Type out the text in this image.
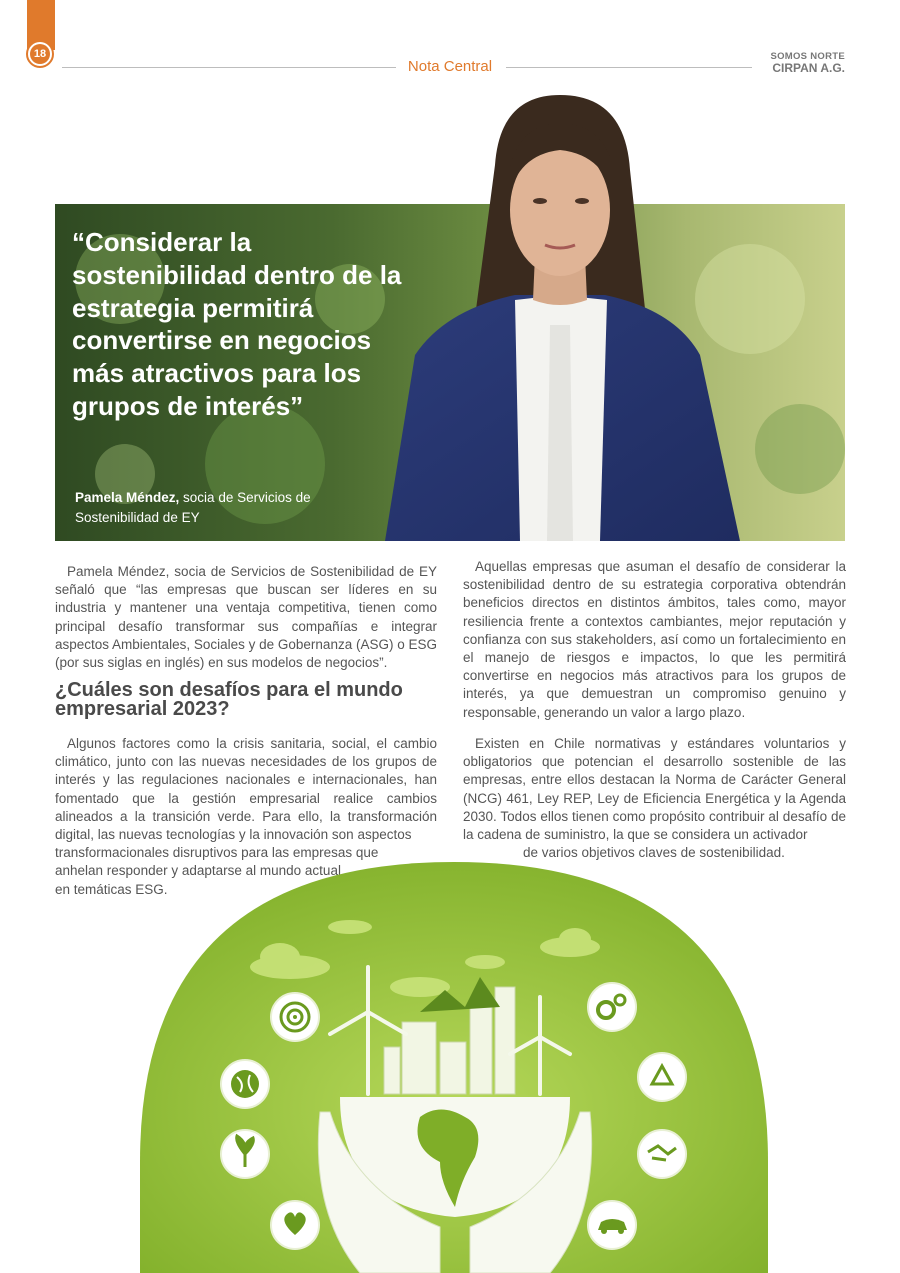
18
Nota Central
SOMOS NORTE
CIRPAN A.G.
“Considerar la sostenibilidad dentro de la estrategia permitirá convertirse en negocios más atractivos para los grupos de interés”
Pamela Méndez, socia de Servicios de Sostenibilidad de EY

Pamela Méndez, socia de Servicios de Sostenibilidad de EY señaló que “las empresas que buscan ser líderes en su industria y mantener una ventaja competitiva, tienen como principal desafío transformar sus compañías e integrar aspectos Ambientales, Sociales y de Gobernanza (ASG) o ESG (por sus siglas en inglés) en sus modelos de negocios”.

¿Cuáles son desafíos para el mundo empresarial 2023?

Algunos factores como la crisis sanitaria, social, el cambio climático, junto con las nuevas necesidades de los grupos de interés y las regulaciones nacionales e internacionales, han fomentado que la gestión empresarial realice cambios alineados a la transición verde. Para ello, la transformación digital, las nuevas tecnologías y la innovación son aspectos

transformacionales disruptivos para las empresas que
anhelan responder y adaptarse al mundo actual
en temáticas ESG.

Aquellas empresas que asuman el desafío de considerar la sostenibilidad dentro de su estrategia corporativa obtendrán beneficios directos en distintos ámbitos, tales como, mayor resiliencia frente a contextos cambiantes, mejor reputación y confianza con sus stakeholders, así como un fortalecimiento en el manejo de riesgos e impactos, lo que les permitirá convertirse en negocios más atractivos para los grupos de interés, ya que demuestran un compromiso genuino y responsable, generando un valor a largo plazo.

Existen en Chile normativas y estándares voluntarios y obligatorios que potencian el desarrollo sostenible de las empresas, entre ellos destacan la Norma de Carácter General (NCG) 461, Ley REP, Ley de Eficiencia Energética y la Agenda 2030. Todos ellos tienen como propósito contribuir al desafío de la cadena de suministro, la que se considera un activador

de varios objetivos claves de sostenibilidad.
